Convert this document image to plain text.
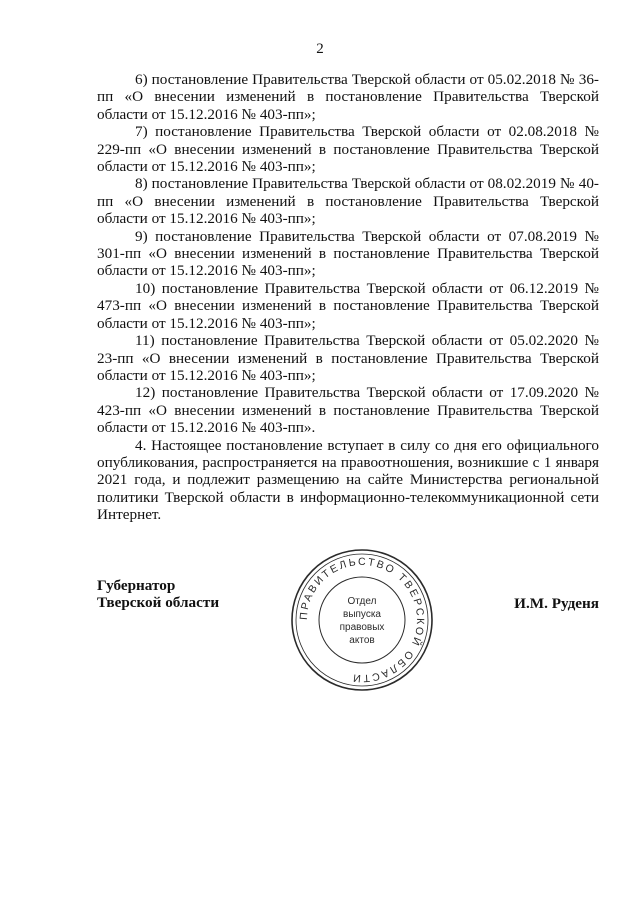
2

6) постановление Правительства Тверской области от 05.02.2018 № 36-пп «О внесении изменений в постановление Правительства Тверской области от 15.12.2016 № 403-пп»;

7) постановление Правительства Тверской области от 02.08.2018 № 229-пп «О внесении изменений в постановление Правительства Тверской области от 15.12.2016 № 403-пп»;

8) постановление Правительства Тверской области от 08.02.2019 № 40-пп «О внесении изменений в постановление Правительства Тверской области от 15.12.2016 № 403-пп»;

9) постановление Правительства Тверской области от 07.08.2019 № 301-пп «О внесении изменений в постановление Правительства Тверской области от 15.12.2016 № 403-пп»;

10) постановление Правительства Тверской области от 06.12.2019 № 473-пп «О внесении изменений в постановление Правительства Тверской области от 15.12.2016 № 403-пп»;

11) постановление Правительства Тверской области от 05.02.2020 № 23-пп «О внесении изменений в постановление Правительства Тверской области от 15.12.2016 № 403-пп»;

12) постановление Правительства Тверской области от 17.09.2020 № 423-пп «О внесении изменений в постановление Правительства Тверской области от 15.12.2016 № 403-пп».

4. Настоящее постановление вступает в силу со дня его официального опубликования, распространяется на правоотношения, возникшие с 1 января 2021 года, и подлежит размещению на сайте Министерства региональной политики Тверской области в информационно-телекоммуникационной сети Интернет.

Губернатор
Тверской области
ПРАВИТЕЛЬСТВО ТВЕРСКОЙ ОБЛАСТИ
Отдел
выпуска
правовых
актов
И.М. Руденя
